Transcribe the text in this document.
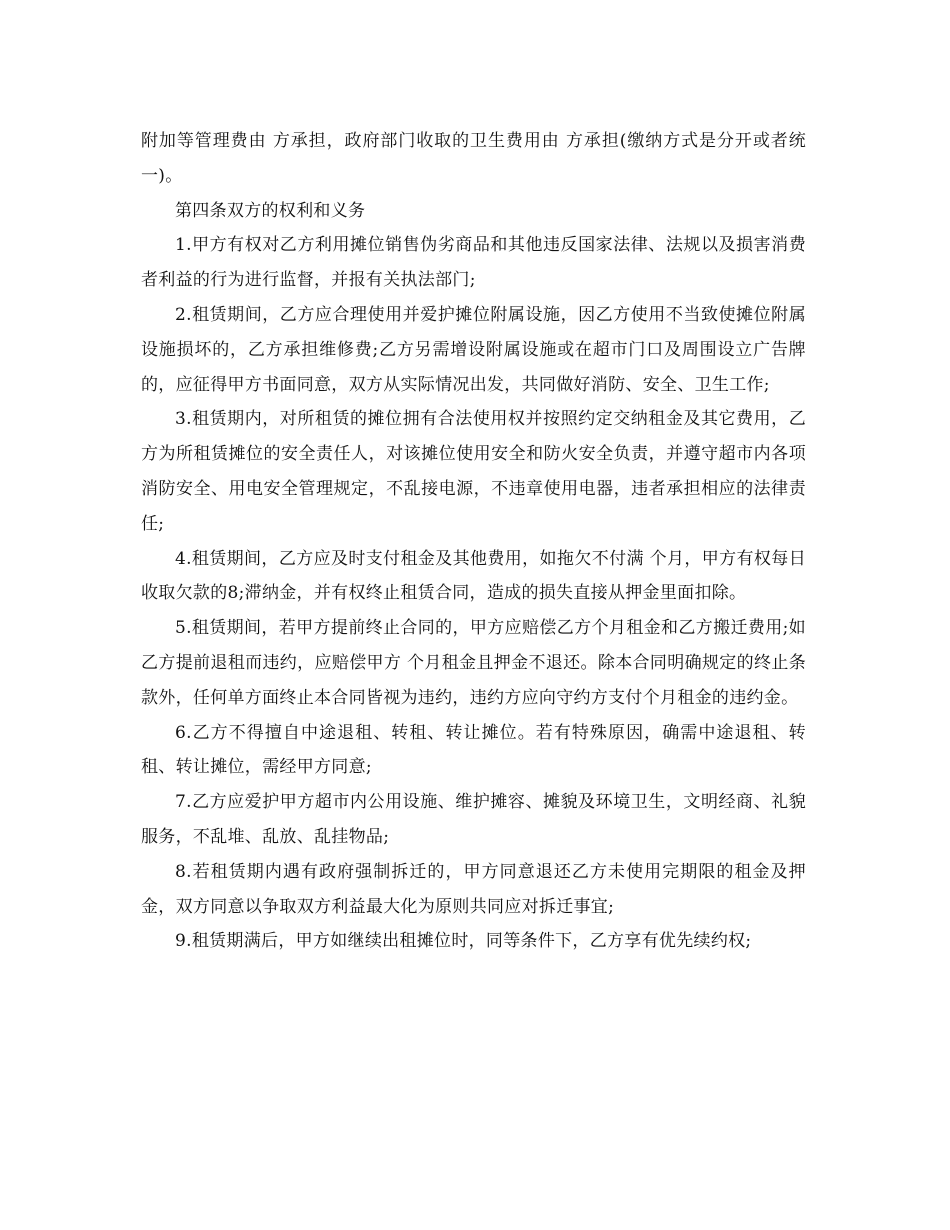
附加等管理费由 方承担，政府部门收取的卫生费用由 方承担(缴纳方式是分开或者统一)。

第四条双方的权利和义务

1.甲方有权对乙方利用摊位销售伪劣商品和其他违反国家法律、法规以及损害消费者利益的行为进行监督，并报有关执法部门;

2.租赁期间，乙方应合理使用并爱护摊位附属设施，因乙方使用不当致使摊位附属设施损坏的，乙方承担维修费;乙方另需增设附属设施或在超市门口及周围设立广告牌的，应征得甲方书面同意，双方从实际情况出发，共同做好消防、安全、卫生工作;

3.租赁期内，对所租赁的摊位拥有合法使用权并按照约定交纳租金及其它费用，乙方为所租赁摊位的安全责任人，对该摊位使用安全和防火安全负责，并遵守超市内各项消防安全、用电安全管理规定，不乱接电源，不违章使用电器，违者承担相应的法律责任;

4.租赁期间，乙方应及时支付租金及其他费用，如拖欠不付满 个月，甲方有权每日收取欠款的8;滞纳金，并有权终止租赁合同，造成的损失直接从押金里面扣除。

5.租赁期间，若甲方提前终止合同的，甲方应赔偿乙方个月租金和乙方搬迁费用;如乙方提前退租而违约，应赔偿甲方 个月租金且押金不退还。除本合同明确规定的终止条款外，任何单方面终止本合同皆视为违约，违约方应向守约方支付个月租金的违约金。

6.乙方不得擅自中途退租、转租、转让摊位。若有特殊原因，确需中途退租、转租、转让摊位，需经甲方同意;

7.乙方应爱护甲方超市内公用设施、维护摊容、摊貌及环境卫生，文明经商、礼貌服务，不乱堆、乱放、乱挂物品;

8.若租赁期内遇有政府强制拆迁的，甲方同意退还乙方未使用完期限的租金及押金，双方同意以争取双方利益最大化为原则共同应对拆迁事宜;

9.租赁期满后，甲方如继续出租摊位时，同等条件下，乙方享有优先续约权;
